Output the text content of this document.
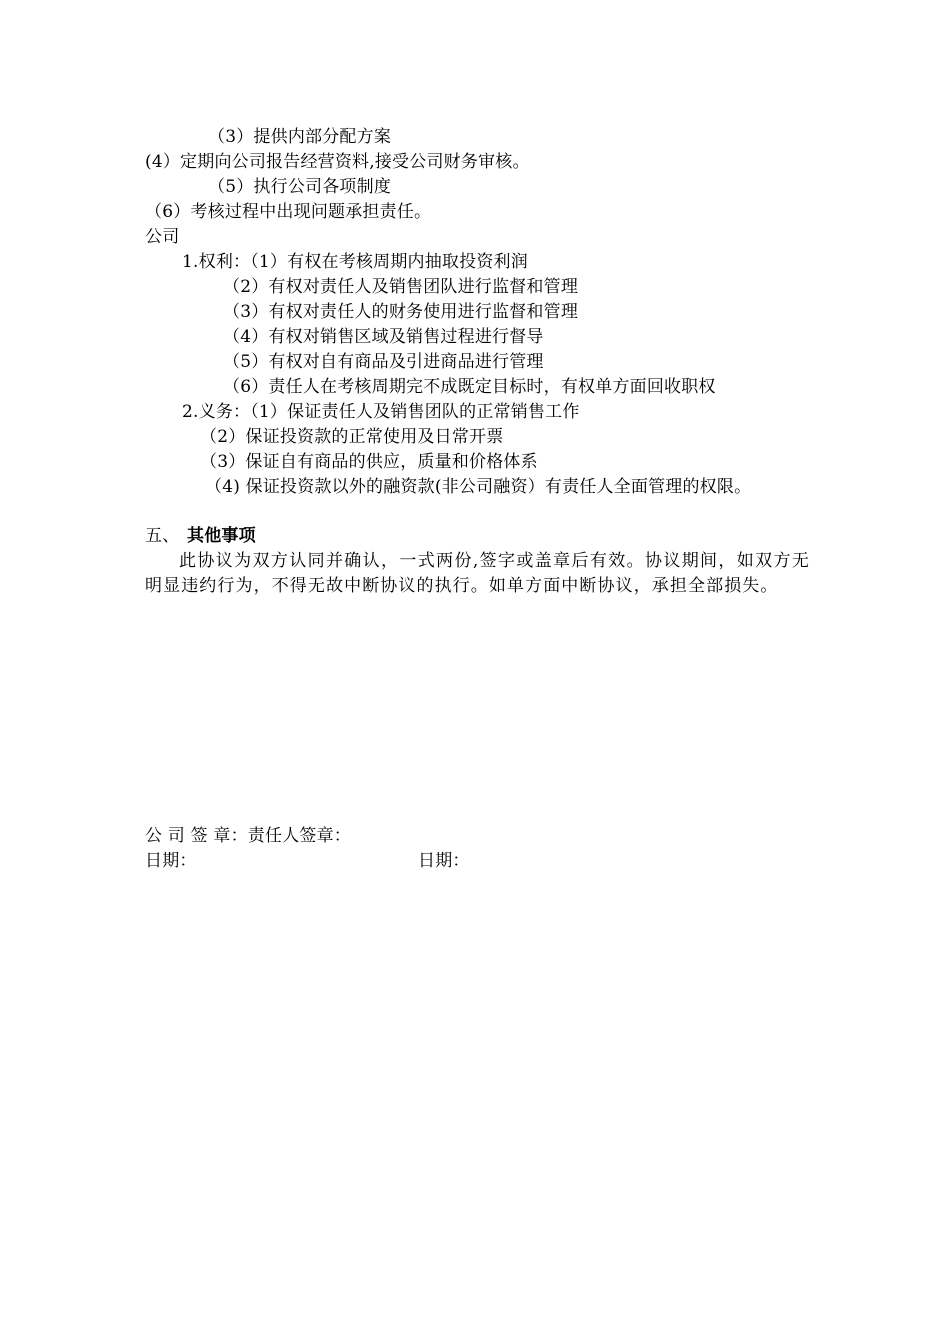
（3）提供内部分配方案
(4）定期向公司报告经营资料,接受公司财务审核。
（5）执行公司各项制度
（6）考核过程中出现问题承担责任。
公司
1.权利：（1）有权在考核周期内抽取投资利润
（2）有权对责任人及销售团队进行监督和管理
（3）有权对责任人的财务使用进行监督和管理
（4）有权对销售区域及销售过程进行督导
（5）有权对自有商品及引进商品进行管理
（6）责任人在考核周期完不成既定目标时，有权单方面回收职权
2.义务：（1）保证责任人及销售团队的正常销售工作
（2）保证投资款的正常使用及日常开票
（3）保证自有商品的供应，质量和价格体系
（4) 保证投资款以外的融资款(非公司融资）有责任人全面管理的权限。
五、 其他事项
此协议为双方认同并确认，一式两份,签字或盖章后有效。协议期间，如双方无明显违约行为，不得无故中断协议的执行。如单方面中断协议，承担全部损失。
公 司 签 章：责任人签章：
日期：	日期：
